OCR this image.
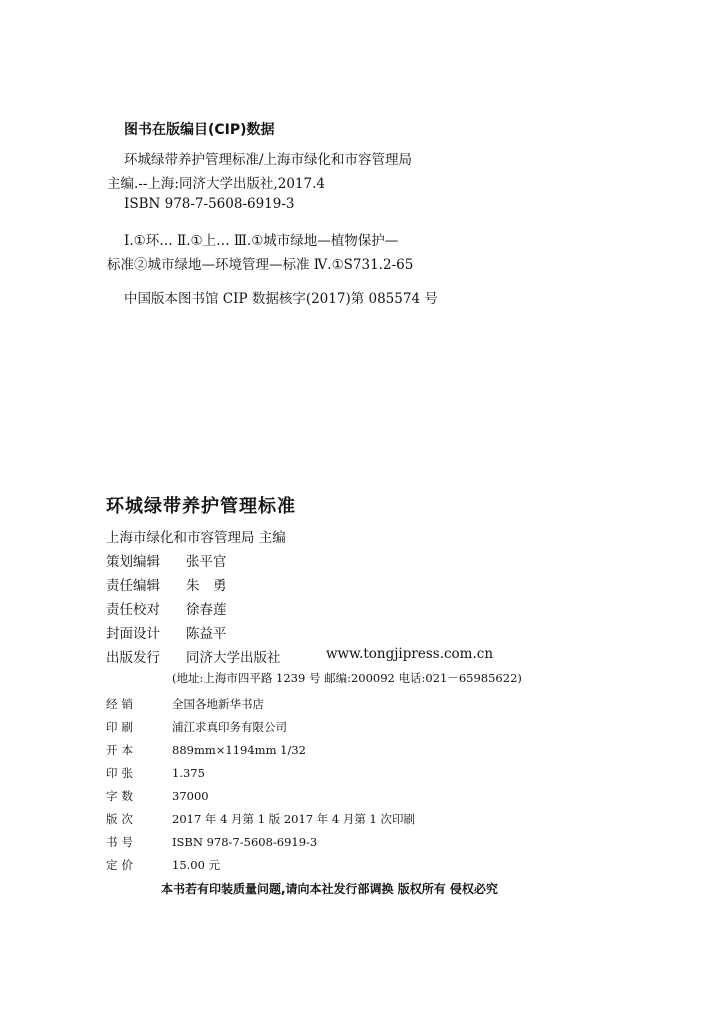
图书在版编目(CIP)数据
环城绿带养护管理标准/上海市绿化和市容管理局
主编.--上海:同济大学出版社,2017.4
ISBN 978-7-5608-6919-3
Ⅰ.①环… Ⅱ.①上… Ⅲ.①城市绿地—植物保护—
标准②城市绿地—环境管理—标准 Ⅳ.①S731.2-65
中国版本图书馆 CIP 数据核字(2017)第 085574 号
环城绿带养护管理标准
上海市绿化和市容管理局 主编
策划编辑 张平官
责任编辑 朱　勇
责任校对 徐春莲
封面设计 陈益平
出版发行 同济大学出版社	www.tongjipress.com.cn
(地址:上海市四平路 1239 号 邮编:200092 电话:021－65985622)
经销	全国各地新华书店
印刷	浦江求真印务有限公司
开本	889mm×1194mm 1/32
印张	1.375
字数	37000
版次	2017 年 4 月第 1 版 2017 年 4 月第 1 次印刷
书号	ISBN 978-7-5608-6919-3
定价	15.00 元
本书若有印装质量问题,请向本社发行部调换 版权所有 侵权必究
